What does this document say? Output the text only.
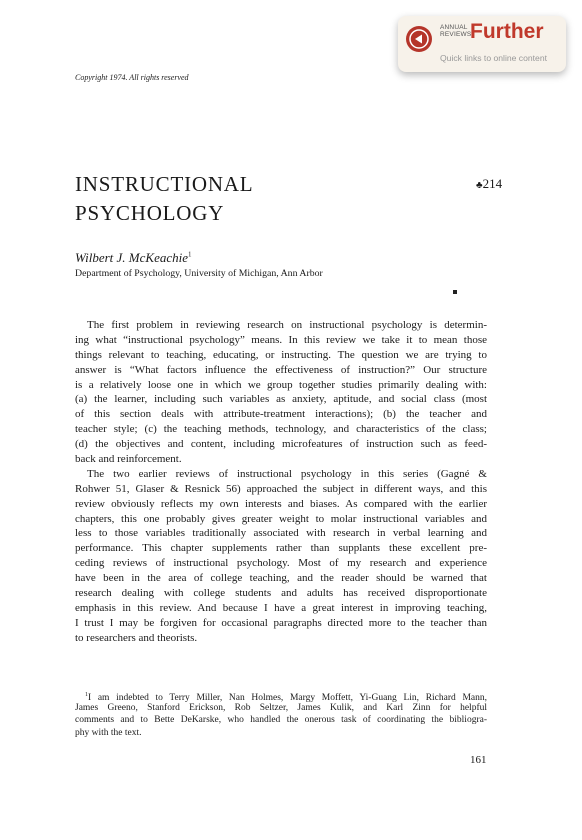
ANNUAL
REVIEWS
Further
Quick links to online content
Copyright 1974. All rights reserved
INSTRUCTIONAL
PSYCHOLOGY
♣214
Wilbert J. McKeachie$^1$
Department of Psychology, University of Michigan, Ann Arbor
The first problem in reviewing research on instructional psychology is determin-
ing what “instructional psychology” means. In this review we take it to mean those
things relevant to teaching, educating, or instructing. The question we are trying to
answer is “What factors influence the effectiveness of instruction?” Our structure
is a relatively loose one in which we group together studies primarily dealing with:
(a) the learner, including such variables as anxiety, aptitude, and social class (most
of this section deals with attribute-treatment interactions); (b) the teacher and
teacher style; (c) the teaching methods, technology, and characteristics of the class;
(d) the objectives and content, including microfeatures of instruction such as feed-
back and reinforcement.
The two earlier reviews of instructional psychology in this series (Gagné &
Rohwer 51, Glaser & Resnick 56) approached the subject in different ways, and this
review obviously reflects my own interests and biases. As compared with the earlier
chapters, this one probably gives greater weight to molar instructional variables and
less to those variables traditionally associated with research in verbal learning and
performance. This chapter supplements rather than supplants these excellent pre-
ceding reviews of instructional psychology. Most of my research and experience
have been in the area of college teaching, and the reader should be warned that
research dealing with college students and adults has received disproportionate
emphasis in this review. And because I have a great interest in improving teaching,
I trust I may be forgiven for occasional paragraphs directed more to the teacher than
to researchers and theorists.
$^1$I am indebted to Terry Miller, Nan Holmes, Margy Moffett, Yi-Guang Lin, Richard Mann,
James Greeno, Stanford Erickson, Rob Seltzer, James Kulik, and Karl Zinn for helpful
comments and to Bette DeKarske, who handled the onerous task of coordinating the bibliogra-
phy with the text.
161
